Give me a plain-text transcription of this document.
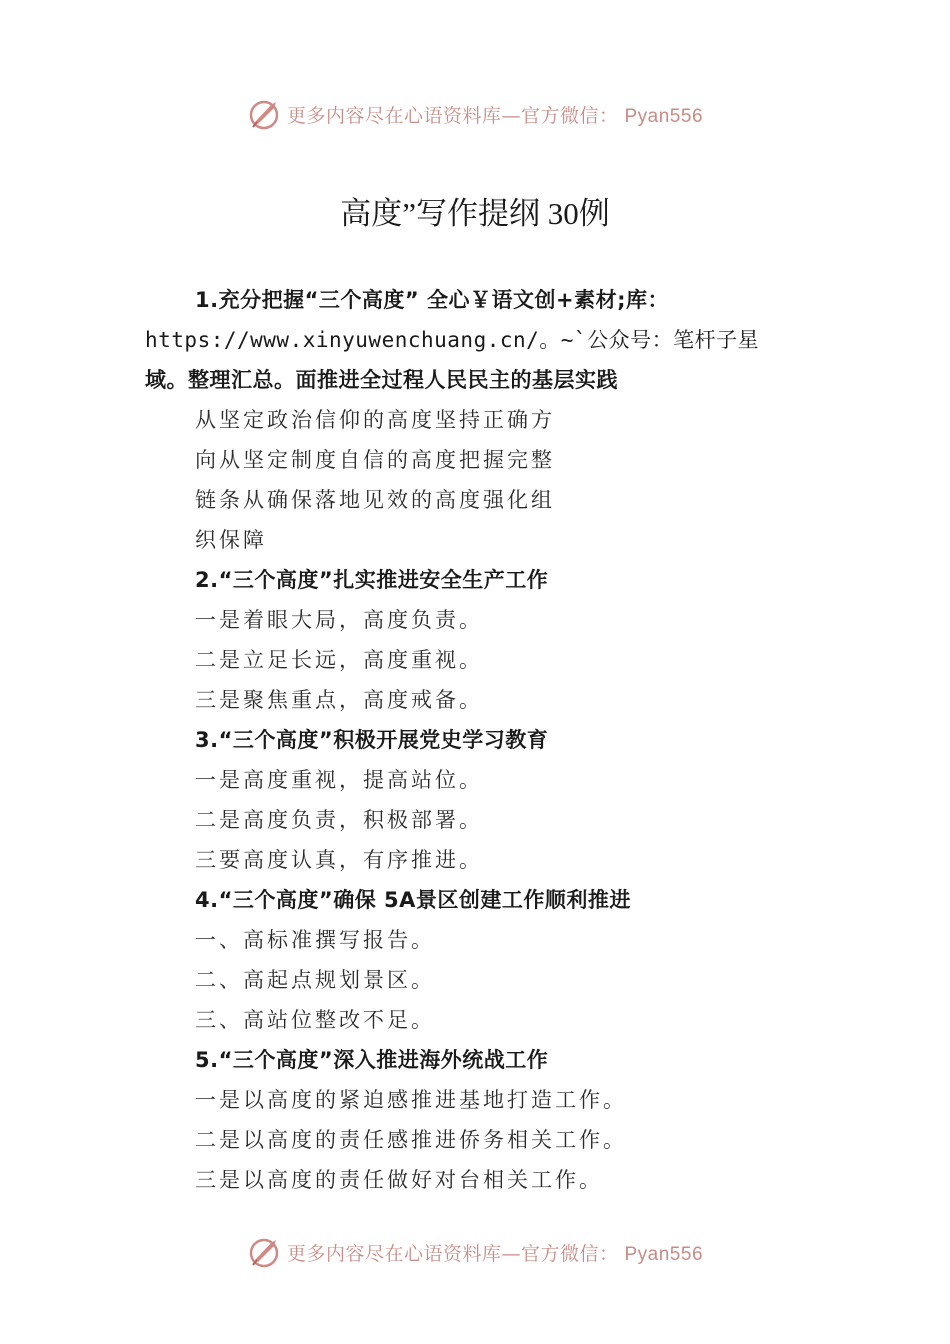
更多内容尽在心语资料库—官方微信： Pyan556
高度”写作提纲 30例
1.充分把握“三个高度” 全心￥语文创+素材;库：
https://www.xinyuwenchuang.cn/。~`公众号：笔杆子星
域。整理汇总。面推进全过程人民民主的基层实践
从坚定政治信仰的高度坚持正确方
向从坚定制度自信的高度把握完整
链条从确保落地见效的高度强化组
织保障
2.“三个高度”扎实推进安全生产工作
一是着眼大局，高度负责。
二是立足长远，高度重视。
三是聚焦重点，高度戒备。
3.“三个高度”积极开展党史学习教育
一是高度重视，提高站位。
二是高度负责，积极部署。
三要高度认真，有序推进。
4.“三个高度”确保 5A景区创建工作顺利推进
一、高标准撰写报告。
二、高起点规划景区。
三、高站位整改不足。
5.“三个高度”深入推进海外统战工作
一是以高度的紧迫感推进基地打造工作。
二是以高度的责任感推进侨务相关工作。
三是以高度的责任做好对台相关工作。
更多内容尽在心语资料库—官方微信： Pyan556
